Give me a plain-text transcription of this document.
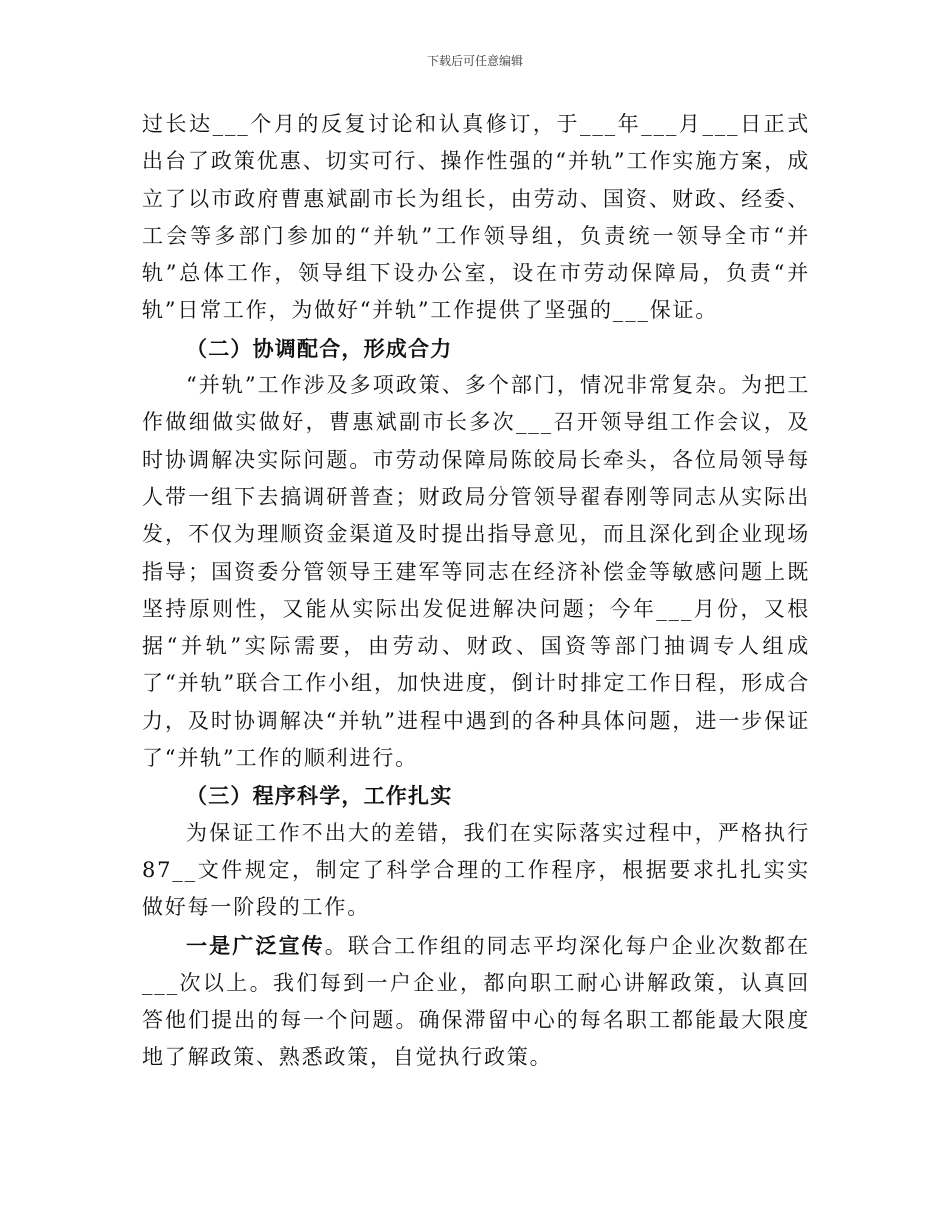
下载后可任意编辑

过长达___个月的反复讨论和认真修订，于___年___月___日正式出台了政策优惠、切实可行、操作性强的“并轨”工作实施方案，成立了以市政府曹惠斌副市长为组长，由劳动、国资、财政、经委、工会等多部门参加的“并轨”工作领导组，负责统一领导全市“并轨”总体工作，领导组下设办公室，设在市劳动保障局，负责“并轨”日常工作，为做好“并轨”工作提供了坚强的___保证。

（二）协调配合，形成合力

“并轨”工作涉及多项政策、多个部门，情况非常复杂。为把工作做细做实做好，曹惠斌副市长多次___召开领导组工作会议，及时协调解决实际问题。市劳动保障局陈皎局长牵头，各位局领导每人带一组下去搞调研普查；财政局分管领导翟春刚等同志从实际出发，不仅为理顺资金渠道及时提出指导意见，而且深化到企业现场指导；国资委分管领导王建军等同志在经济补偿金等敏感问题上既坚持原则性，又能从实际出发促进解决问题；今年___月份，又根据“并轨”实际需要，由劳动、财政、国资等部门抽调专人组成了“并轨”联合工作小组，加快进度，倒计时排定工作日程，形成合力，及时协调解决“并轨”进程中遇到的各种具体问题，进一步保证了“并轨”工作的顺利进行。

（三）程序科学，工作扎实

为保证工作不出大的差错，我们在实际落实过程中，严格执行87__文件规定，制定了科学合理的工作程序，根据要求扎扎实实做好每一阶段的工作。

一是广泛宣传。联合工作组的同志平均深化每户企业次数都在___次以上。我们每到一户企业，都向职工耐心讲解政策，认真回答他们提出的每一个问题。确保滞留中心的每名职工都能最大限度地了解政策、熟悉政策，自觉执行政策。
